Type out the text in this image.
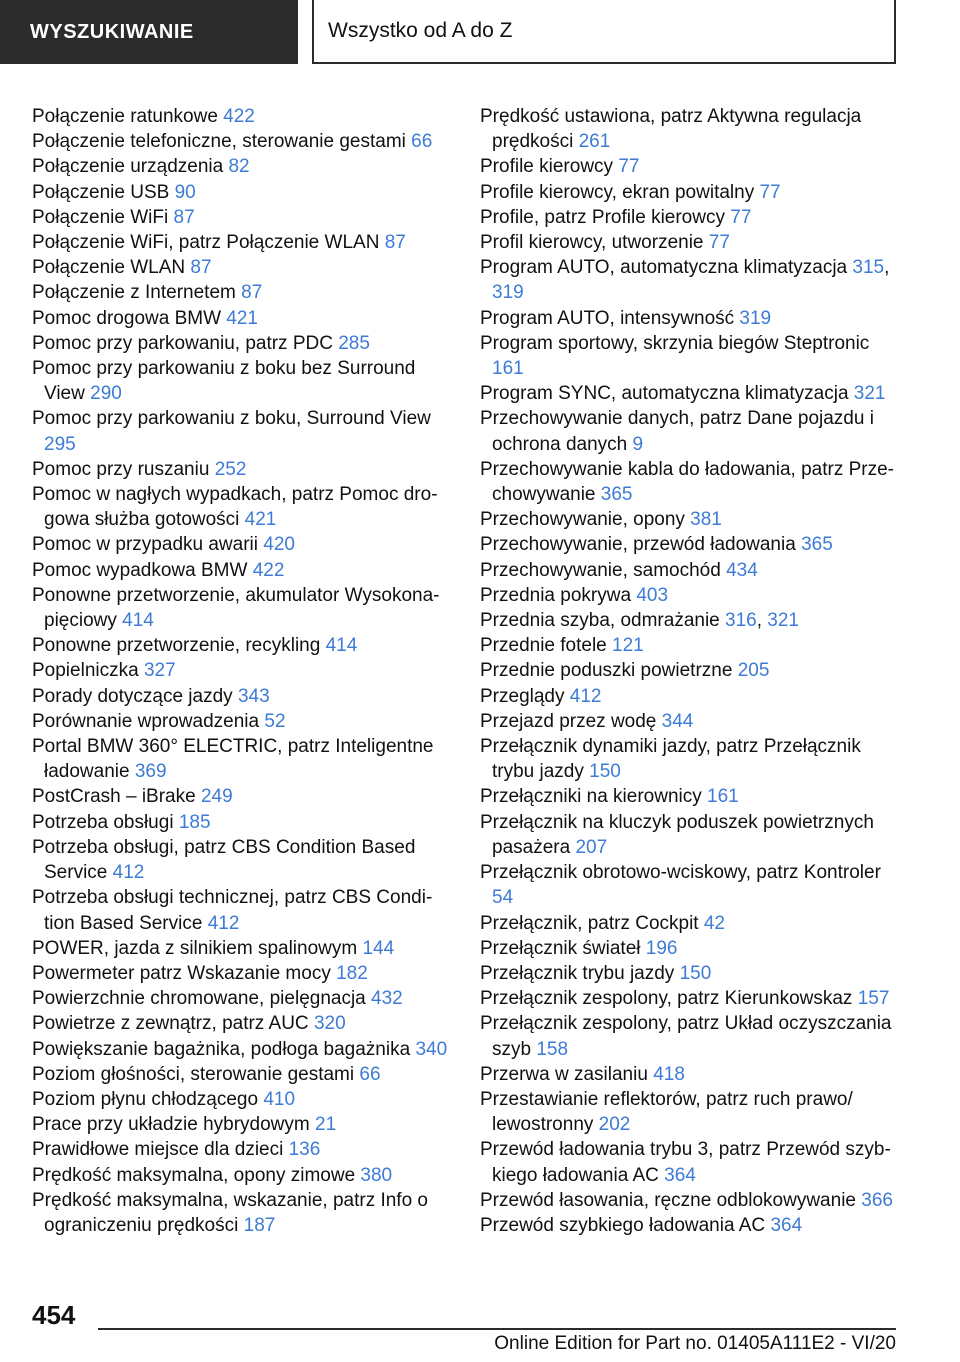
WYSZUKIWANIE	Wszystko od A do Z
Połączenie ratunkowe 422
Połączenie telefoniczne, sterowanie gestami 66
Połączenie urządzenia 82
Połączenie USB 90
Połączenie WiFi 87
Połączenie WiFi, patrz Połączenie WLAN 87
Połączenie WLAN 87
Połączenie z Internetem 87
Pomoc drogowa BMW 421
Pomoc przy parkowaniu, patrz PDC 285
Pomoc przy parkowaniu z boku bez Surround View 290
Pomoc przy parkowaniu z boku, Surround View 295
Pomoc przy ruszaniu 252
Pomoc w nagłych wypadkach, patrz Pomoc drogowa służba gotowości 421
Pomoc w przypadku awarii 420
Pomoc wypadkowa BMW 422
Ponowne przetworzenie, akumulator Wysokonapięciowy 414
Ponowne przetworzenie, recykling 414
Popielniczka 327
Porady dotyczące jazdy 343
Porównanie wprowadzenia 52
Portal BMW 360° ELECTRIC, patrz Inteligentne ładowanie 369
PostCrash – iBrake 249
Potrzeba obsługi 185
Potrzeba obsługi, patrz CBS Condition Based Service 412
Potrzeba obsługi technicznej, patrz CBS Condition Based Service 412
POWER, jazda z silnikiem spalinowym 144
Powermeter patrz Wskazanie mocy 182
Powierzchnie chromowane, pielęgnacja 432
Powietrze z zewnątrz, patrz AUC 320
Powiększanie bagażnika, podłoga bagażnika 340
Poziom głośności, sterowanie gestami 66
Poziom płynu chłodzącego 410
Prace przy układzie hybrydowym 21
Prawidłowe miejsce dla dzieci 136
Prędkość maksymalna, opony zimowe 380
Prędkość maksymalna, wskazanie, patrz Info o ograniczeniu prędkości 187
Prędkość ustawiona, patrz Aktywna regulacja prędkości 261
Profile kierowcy 77
Profile kierowcy, ekran powitalny 77
Profile, patrz Profile kierowcy 77
Profil kierowcy, utworzenie 77
Program AUTO, automatyczna klimatyzacja 315, 319
Program AUTO, intensywność 319
Program sportowy, skrzynia biegów Steptronic 161
Program SYNC, automatyczna klimatyzacja 321
Przechowywanie danych, patrz Dane pojazdu i ochrona danych 9
Przechowywanie kabla do ładowania, patrz Przechowywanie 365
Przechowywanie, opony 381
Przechowywanie, przewód ładowania 365
Przechowywanie, samochód 434
Przednia pokrywa 403
Przednia szyba, odmrażanie 316, 321
Przednie fotele 121
Przednie poduszki powietrzne 205
Przeglądy 412
Przejazd przez wodę 344
Przełącznik dynamiki jazdy, patrz Przełącznik trybu jazdy 150
Przełączniki na kierownicy 161
Przełącznik na kluczyk poduszek powietrznych pasażera 207
Przełącznik obrotowo-wciskowy, patrz Kontroler 54
Przełącznik, patrz Cockpit 42
Przełącznik świateł 196
Przełącznik trybu jazdy 150
Przełącznik zespolony, patrz Kierunkowskaz 157
Przełącznik zespolony, patrz Układ oczyszczania szyb 158
Przerwa w zasilaniu 418
Przestawianie reflektorów, patrz ruch prawo/ lewostronny 202
Przewód ładowania trybu 3, patrz Przewód szybkiego ładowania AC 364
Przewód łasowania, ręczne odblokowywanie 366
Przewód szybkiego ładowania AC 364
454
Online Edition for Part no. 01405A111E2 - VI/20
